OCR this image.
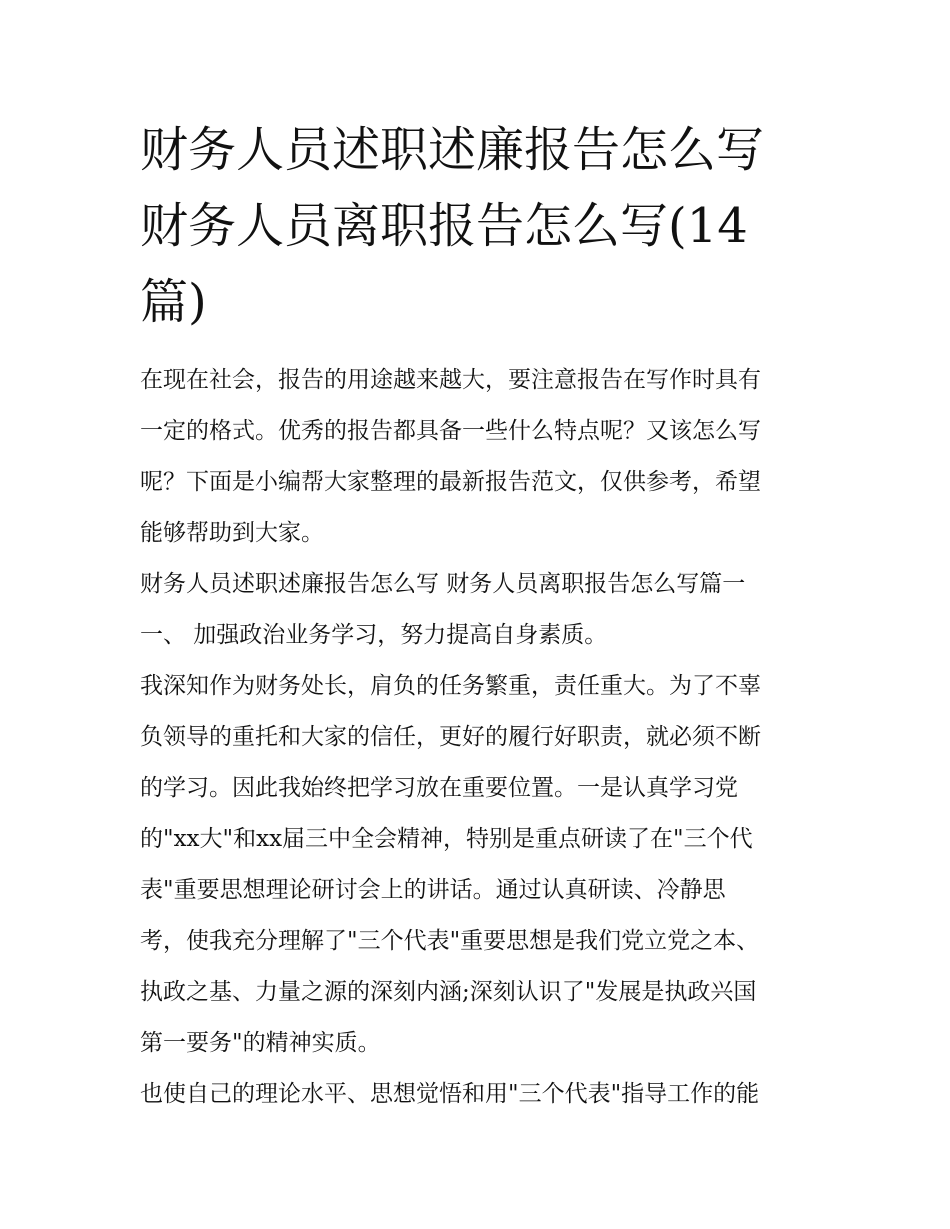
财务人员述职述廉报告怎么写
财务人员离职报告怎么写(14
篇)
在现在社会，报告的用途越来越大，要注意报告在写作时具有
一定的格式。优秀的报告都具备一些什么特点呢？又该怎么写
呢？下面是小编帮大家整理的最新报告范文，仅供参考，希望
能够帮助到大家。
财务人员述职述廉报告怎么写 财务人员离职报告怎么写篇一
一、 加强政治业务学习，努力提高自身素质。
我深知作为财务处长，肩负的任务繁重，责任重大。为了不辜
负领导的重托和大家的信任，更好的履行好职责，就必须不断
的学习。因此我始终把学习放在重要位置。一是认真学习党
的"xx大"和xx届三中全会精神，特别是重点研读了在"三个代
表"重要思想理论研讨会上的讲话。通过认真研读、冷静思
考，使我充分理解了"三个代表"重要思想是我们党立党之本、
执政之基、力量之源的深刻内涵;深刻认识了"发展是执政兴国
第一要务"的精神实质。
也使自己的理论水平、思想觉悟和用"三个代表"指导工作的能
